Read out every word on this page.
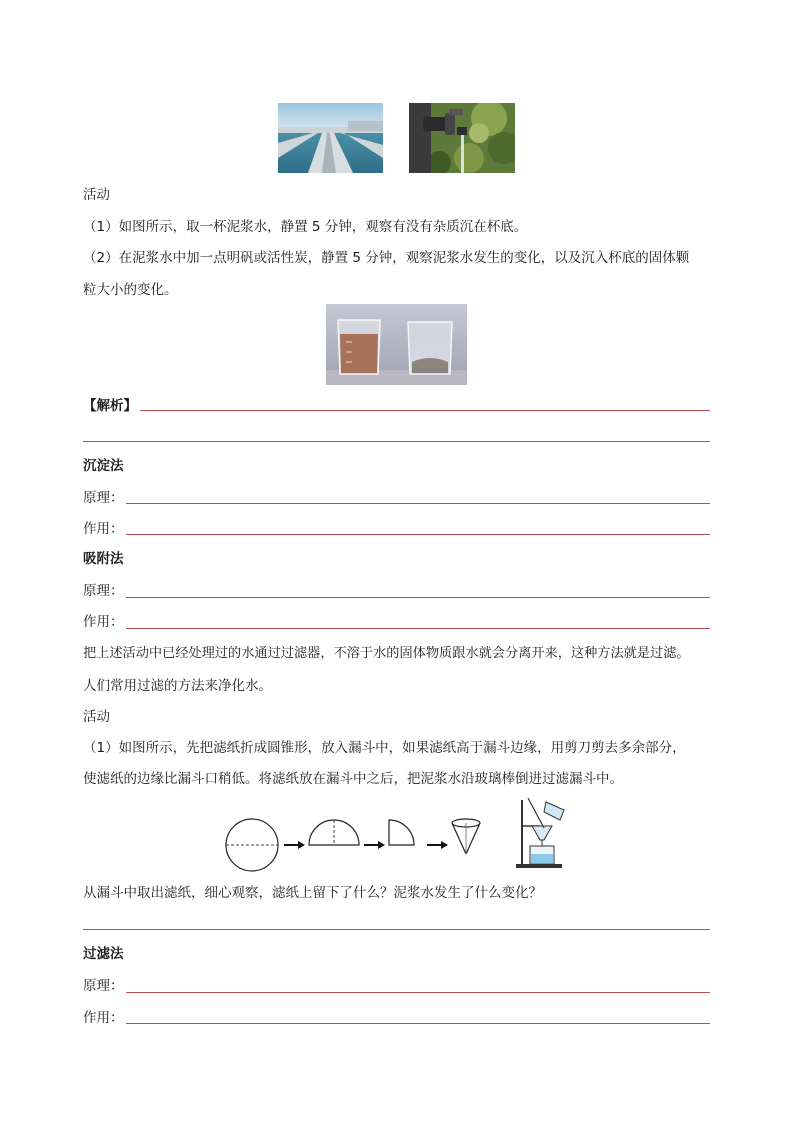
活动
（1）如图所示，取一杯泥浆水，静置 5 分钟，观察有没有杂质沉在杯底。
（2）在泥浆水中加一点明矾或活性炭，静置 5 分钟，观察泥浆水发生的变化，以及沉入杯底的固体颗
粒大小的变化。
【解析】
沉淀法
原理：
作用：
吸附法
原理：
作用：
把上述活动中已经处理过的水通过过滤器，不溶于水的固体物质跟水就会分离开来，这种方法就是过滤。
人们常用过滤的方法来净化水。
活动
（1）如图所示，先把滤纸折成圆锥形，放入漏斗中，如果滤纸高于漏斗边缘，用剪刀剪去多余部分，
使滤纸的边缘比漏斗口稍低。将滤纸放在漏斗中之后，把泥浆水沿玻璃棒倒进过滤漏斗中。
从漏斗中取出滤纸，细心观察，滤纸上留下了什么？泥浆水发生了什么变化？
过滤法
原理：
作用：
